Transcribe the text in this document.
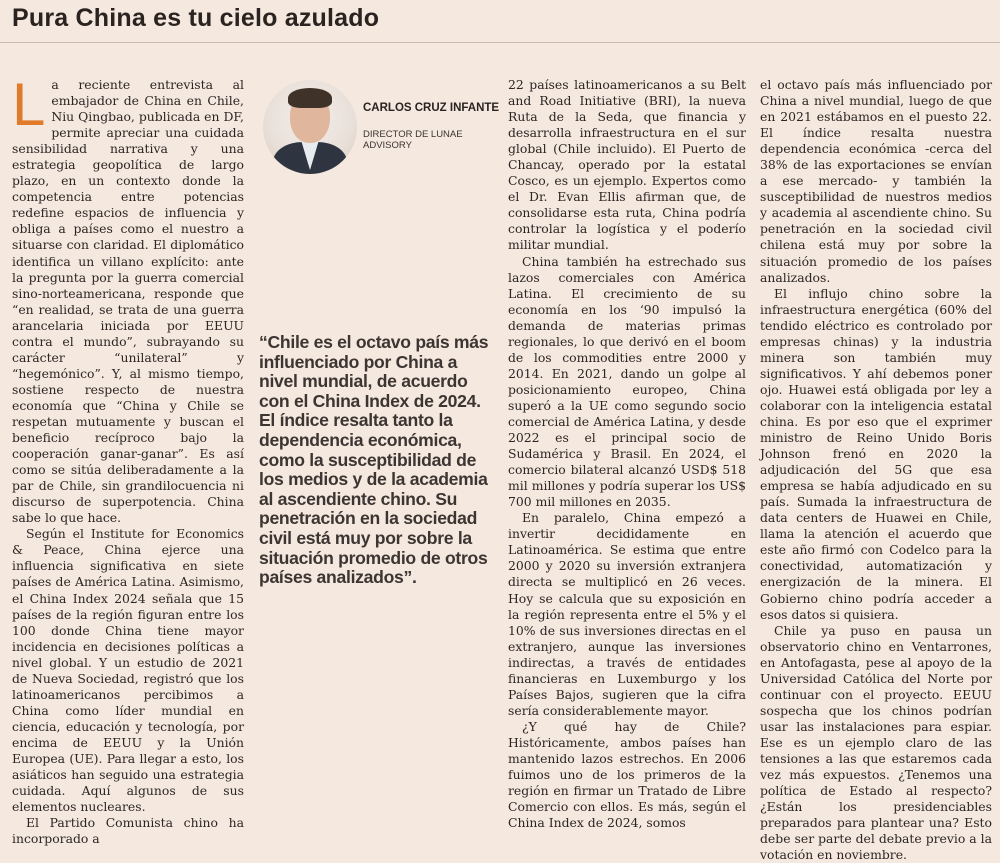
Pura China es tu cielo azulado

La reciente entrevista al embajador de China en Chile, Niu Qingbao, publicada en DF, permite apreciar una cuidada sensibilidad narrativa y una estrategia geopolítica de largo plazo, en un contexto donde la competencia entre potencias redefine espacios de influencia y obliga a países como el nuestro a situarse con claridad. El diplomático identifica un villano explícito: ante la pregunta por la guerra comercial sino-norteamericana, responde que “en realidad, se trata de una guerra arancelaria iniciada por EEUU contra el mundo”, subrayando su carácter “unilateral” y “hegemónico”. Y, al mismo tiempo, sostiene respecto de nuestra economía que “China y Chile se respetan mutuamente y buscan el beneficio recíproco bajo la cooperación ganar-ganar”. Es así como se sitúa deliberadamente a la par de Chile, sin grandilocuencia ni discurso de superpotencia. China sabe lo que hace.

Según el Institute for Economics & Peace, China ejerce una influencia significativa en siete países de América Latina. Asimismo, el China Index 2024 señala que 15 países de la región figuran entre los 100 donde China tiene mayor incidencia en decisiones políticas a nivel global. Y un estudio de 2021 de Nueva Sociedad, registró que los latinoamericanos percibimos a China como líder mundial en ciencia, educación y tecnología, por encima de EEUU y la Unión Europea (UE). Para llegar a esto, los asiáticos han seguido una estrategia cuidada. Aquí algunos de sus elementos nucleares.

El Partido Comunista chino ha incorporado a

CARLOS CRUZ INFANTE
DIRECTOR DE LUNAE ADVISORY
“Chile es el octavo país más influenciado por China a nivel mundial, de acuerdo con el China Index de 2024. El índice resalta tanto la dependencia económica, como la susceptibilidad de los medios y de la academia al ascendiente chino. Su penetración en la sociedad civil está muy por sobre la situación promedio de otros países analizados”.

22 países latinoamericanos a su Belt and Road Initiative (BRI), la nueva Ruta de la Seda, que financia y desarrolla infraestructura en el sur global (Chile incluido). El Puerto de Chancay, operado por la estatal Cosco, es un ejemplo. Expertos como el Dr. Evan Ellis afirman que, de consolidarse esta ruta, China podría controlar la logística y el poderío militar mundial.

China también ha estrechado sus lazos comerciales con América Latina. El crecimiento de su economía en los ‘90 impulsó la demanda de materias primas regionales, lo que derivó en el boom de los commodities entre 2000 y 2014. En 2021, dando un golpe al posicionamiento europeo, China superó a la UE como segundo socio comercial de América Latina, y desde 2022 es el principal socio de Sudamérica y Brasil. En 2024, el comercio bilateral alcanzó USD$ 518 mil millones y podría superar los US$ 700 mil millones en 2035.

En paralelo, China empezó a invertir decididamente en Latinoamérica. Se estima que entre 2000 y 2020 su inversión extranjera directa se multiplicó en 26 veces. Hoy se calcula que su exposición en la región representa entre el 5% y el 10% de sus inversiones directas en el extranjero, aunque las inversiones indirectas, a través de entidades financieras en Luxemburgo y los Países Bajos, sugieren que la cifra sería considerablemente mayor.

¿Y qué hay de Chile? Históricamente, ambos países han mantenido lazos estrechos. En 2006 fuimos uno de los primeros de la región en firmar un Tratado de Libre Comercio con ellos. Es más, según el China Index de 2024, somos

el octavo país más influenciado por China a nivel mundial, luego de que en 2021 estábamos en el puesto 22. El índice resalta nuestra dependencia económica -cerca del 38% de las exportaciones se envían a ese mercado- y también la susceptibilidad de nuestros medios y academia al ascendiente chino. Su penetración en la sociedad civil chilena está muy por sobre la situación promedio de los países analizados.

El influjo chino sobre la infraestructura energética (60% del tendido eléctrico es controlado por empresas chinas) y la industria minera son también muy significativos. Y ahí debemos poner ojo. Huawei está obligada por ley a colaborar con la inteligencia estatal china. Es por eso que el exprimer ministro de Reino Unido Boris Johnson frenó en 2020 la adjudicación del 5G que esa empresa se había adjudicado en su país. Sumada la infraestructura de data centers de Huawei en Chile, llama la atención el acuerdo que este año firmó con Codelco para la conectividad, automatización y energización de la minera. El Gobierno chino podría acceder a esos datos si quisiera.

Chile ya puso en pausa un observatorio chino en Ventarrones, en Antofagasta, pese al apoyo de la Universidad Católica del Norte por continuar con el proyecto. EEUU sospecha que los chinos podrían usar las instalaciones para espiar. Ese es un ejemplo claro de las tensiones a las que estaremos cada vez más expuestos. ¿Tenemos una política de Estado al respecto? ¿Están los presidenciables preparados para plantear una? Esto debe ser parte del debate previo a la votación en noviembre.
